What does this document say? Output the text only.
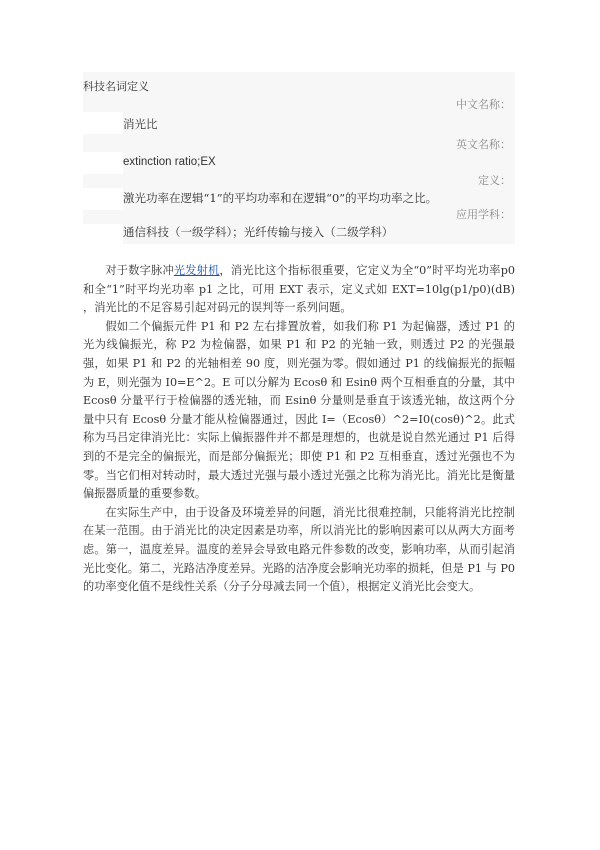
科技名词定义
中文名称：
消光比
英文名称：
extinction ratio;EX
定义：
激光功率在逻辑“1”的平均功率和在逻辑“0”的平均功率之比。
应用学科：
通信科技（一级学科）；光纤传输与接入（二级学科）

对于数字脉冲光发射机，消光比这个指标很重要，它定义为全“0”时平均光功率p0 和全“1”时平均光功率 p1 之比，可用 EXT 表示，定义式如 EXT=10lg(p1/p0)(dB) ，消光比的不足容易引起对码元的误判等一系列问题。

假如二个偏振元件 P1 和 P2 左右排置放着，如我们称 P1 为起偏器，透过 P1 的光为线偏振光，称 P2 为检偏器，如果 P1 和 P2 的光轴一致，则透过 P2 的光强最强，如果 P1 和 P2 的光轴相差 90 度，则光强为零。假如通过 P1 的线偏振光的振幅为 E，则光强为 I0=E^2。E 可以分解为 Ecosθ 和 Esinθ 两个互相垂直的分量，其中 Ecosθ 分量平行于检偏器的透光轴，而 Esinθ 分量则是垂直于该透光轴，故这两个分量中只有 Ecosθ 分量才能从检偏器通过，因此 I=（Ecosθ）^2=I0(cosθ)^2。此式称为马吕定律消光比：实际上偏振器件并不都是理想的，也就是说自然光通过 P1 后得到的不是完全的偏振光，而是部分偏振光；即使 P1 和 P2 互相垂直，透过光强也不为零。当它们相对转动时，最大透过光强与最小透过光强之比称为消光比。消光比是衡量偏振器质量的重要参数。

在实际生产中，由于设备及环境差异的问题，消光比很难控制，只能将消光比控制在某一范围。由于消光比的决定因素是功率，所以消光比的影响因素可以从两大方面考虑。第一，温度差异。温度的差异会导致电路元件参数的改变，影响功率，从而引起消光比变化。第二，光路洁净度差异。光路的洁净度会影响光功率的损耗，但是 P1 与 P0 的功率变化值不是线性关系（分子分母减去同一个值），根据定义消光比会变大。
